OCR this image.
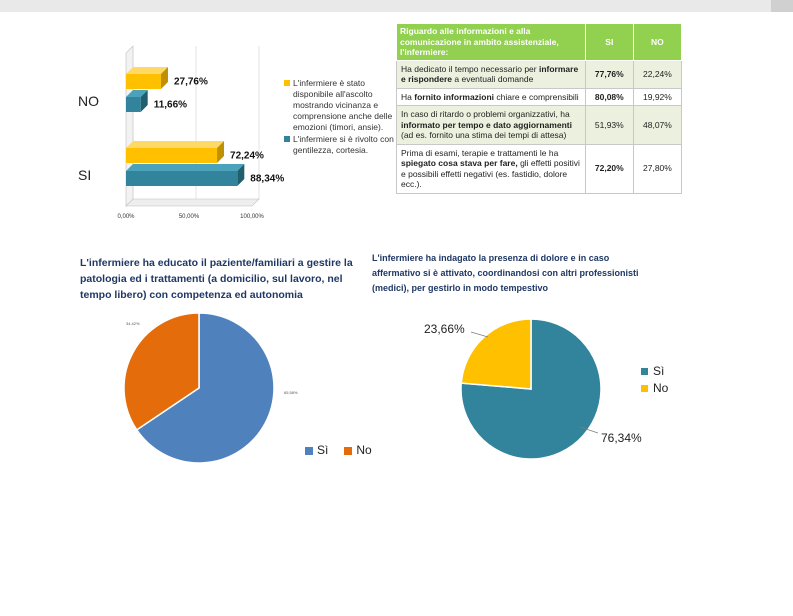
0,00%	50,00%	100,00%
NO
27,76%
11,66%
SI
72,24%
88,34%
L'infermiere è stato disponibile all'ascolto mostrando vicinanza e comprensione anche delle emozioni (timori, ansie).
L'infermiere si è rivolto con gentilezza, cortesia.
Riguardo alle informazioni e alla comunicazione in ambito assistenziale, l'infermiere:	SI	NO
Ha dedicato il tempo necessario per informare e rispondere a eventuali domande	77,76%	22,24%
Ha fornito informazioni chiare e comprensibili	80,08%	19,92%
In caso di ritardo o problemi organizzativi, ha informato per tempo e dato aggiornamenti (ad es. fornito una stima dei tempi di attesa)	51,93%	48,07%
Prima di esami, terapie e trattamenti le ha spiegato cosa stava per fare, gli effetti positivi e possibili effetti negativi (es. fastidio, dolore ecc.).	72,20%	27,80%
L'infermiere ha educato il paziente/familiari a gestire la patologia ed i trattamenti (a domicilio, sul lavoro, nel tempo libero) con competenza ed autonomia
65,58%
34,42%
Sì	No
L'infermiere ha indagato la presenza di dolore e in caso affermativo si è attivato, coordinandosi con altri professionisti (medici), per gestirlo in modo tempestivo
76,34%
23,66%
Sì
No
